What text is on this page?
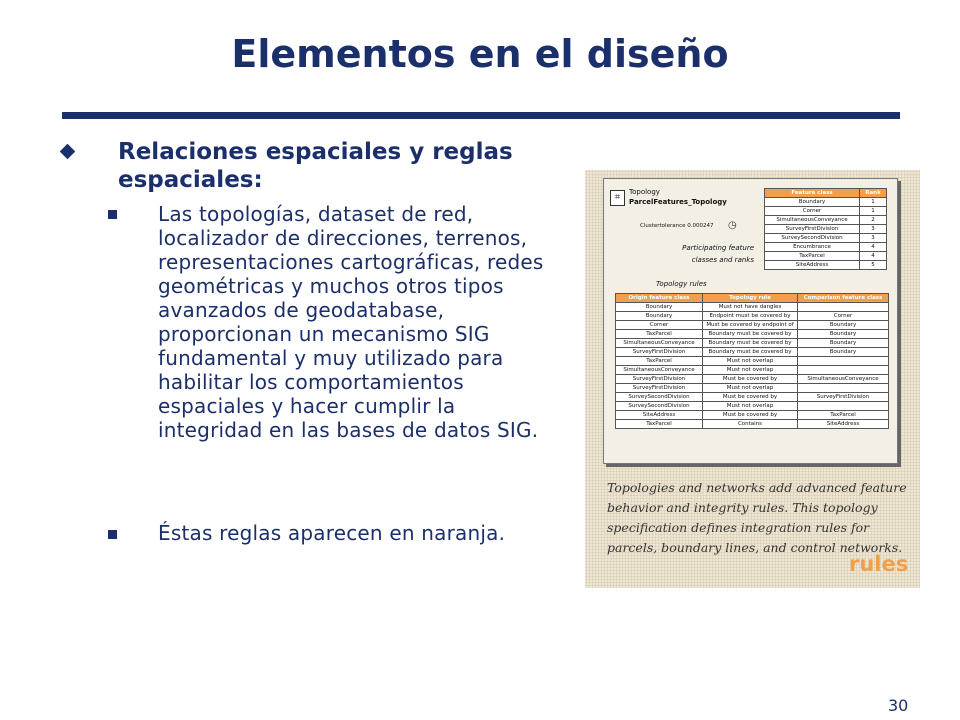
Elementos en el diseño
Relaciones espaciales y reglas espaciales:
Las topologías, dataset de red, localizador de direcciones, terrenos, representaciones cartográficas, redes geométricas y muchos otros tipos avanzados de geodatabase, proporcionan un mecanismo SIG fundamental y muy utilizado para habilitar los comportamientos espaciales y hacer cumplir la integridad en las bases de datos SIG.
Éstas reglas aparecen en naranja.
⌗	Topology
ParcelFeatures_Topology
Clustertolerance 0.000247 ◷
Participating feature classes and ranks
Topology rules
Feature class	Rank
Boundary	1
Corner	1
SimultaneousConveyance	2
SurveyFirstDivision	3
SurveySecondDivision	3
Encumbrance	4
TaxParcel	4
SiteAddress	5
Origin feature class	Topology rule	Comparison feature class
Boundary	Must not have dangles	
Boundary	Endpoint must be covered by	Corner
Corner	Must be covered by endpoint of	Boundary
TaxParcel	Boundary must be covered by	Boundary
SimultaneousConveyance	Boundary must be covered by	Boundary
SurveyFirstDivision	Boundary must be covered by	Boundary
TaxParcel	Must not overlap	
SimultaneousConveyance	Must not overlap	
SurveyFirstDivision	Must be covered by	SimultaneousConveyance
SurveyFirstDivision	Must not overlap	
SurveySecondDivision	Must be covered by	SurveyFirstDivision
SurveySecondDivision	Must not overlap	
SiteAddress	Must be covered by	TaxParcel
TaxParcel	Contains	SiteAddress
Topologies and networks add advanced feature behavior and integrity rules. This topology specification defines integration rules for parcels, boundary lines, and control networks.
rules
30
